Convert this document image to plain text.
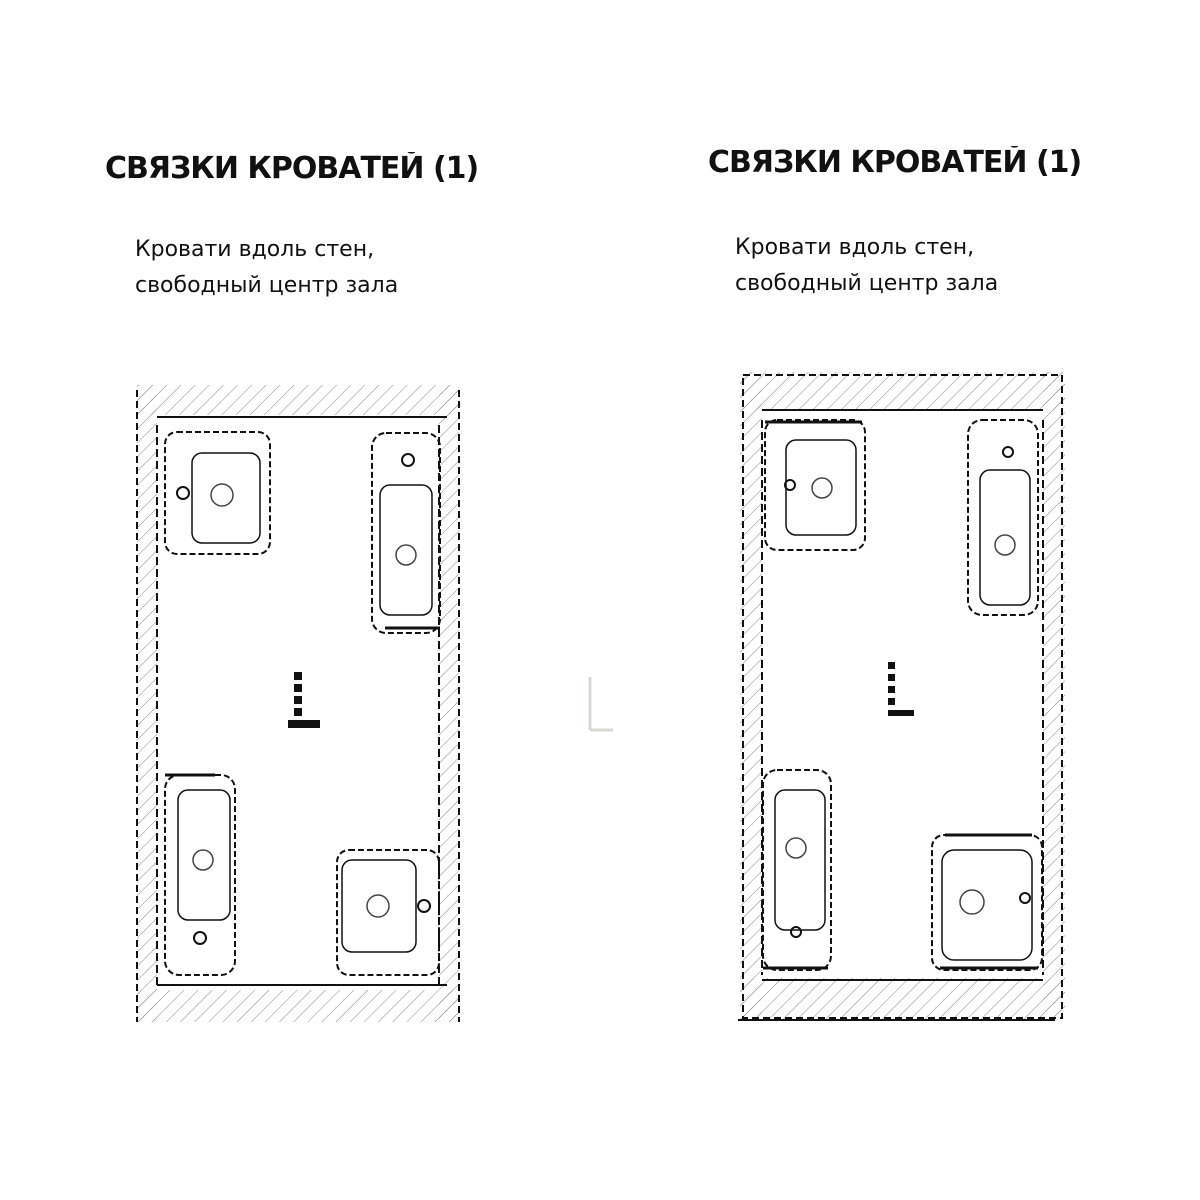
СВЯЗКИ КРОВАТЕЙ (1)
Кровати вдоль стен,
свободный центр зала
СВЯЗКИ КРОВАТЕЙ (1)
Кровати вдоль стен,
свободный центр зала
